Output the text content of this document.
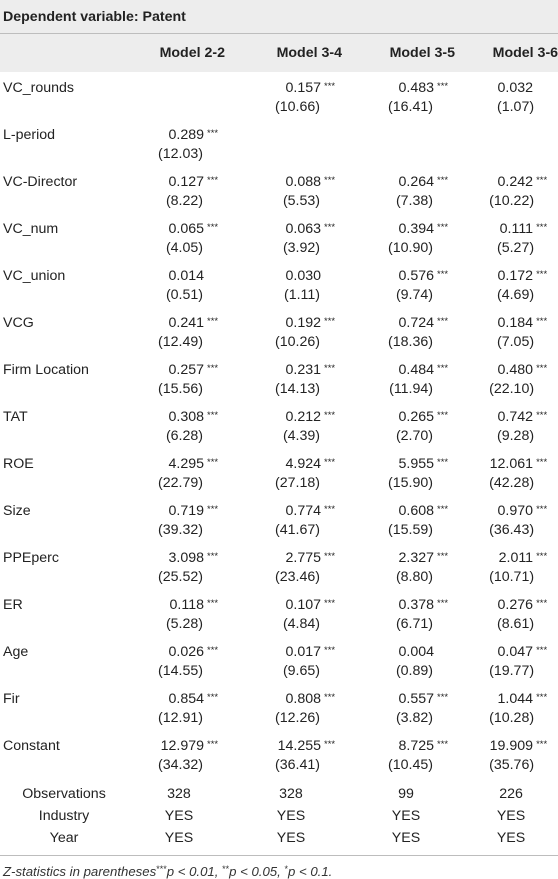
Dependent variable: Patent				
	Model 2-2	Model 3-4	Model 3-5	Model 3-6

VC_rounds		0.157 ***	0.483 ***	0.032
		(10.66)	(16.41)	(1.07)
L-period	0.289 ***			
	(12.03)			
VC-Director	0.127 ***	0.088 ***	0.264 ***	0.242 ***
	(8.22)	(5.53)	(7.38)	(10.22)
VC_num	0.065 ***	0.063 ***	0.394 ***	0.111 ***
	(4.05)	(3.92)	(10.90)	(5.27)
VC_union	0.014	0.030	0.576 ***	0.172 ***
	(0.51)	(1.11)	(9.74)	(4.69)
VCG	0.241 ***	0.192 ***	0.724 ***	0.184 ***
	(12.49)	(10.26)	(18.36)	(7.05)
Firm Location	0.257 ***	0.231 ***	0.484 ***	0.480 ***
	(15.56)	(14.13)	(11.94)	(22.10)
TAT	0.308 ***	0.212 ***	0.265 ***	0.742 ***
	(6.28)	(4.39)	(2.70)	(9.28)
ROE	4.295 ***	4.924 ***	5.955 ***	12.061 ***
	(22.79)	(27.18)	(15.90)	(42.28)
Size	0.719 ***	0.774 ***	0.608 ***	0.970 ***
	(39.32)	(41.67)	(15.59)	(36.43)
PPEperc	3.098 ***	2.775 ***	2.327 ***	2.011 ***
	(25.52)	(23.46)	(8.80)	(10.71)
ER	0.118 ***	0.107 ***	0.378 ***	0.276 ***
	(5.28)	(4.84)	(6.71)	(8.61)
Age	0.026 ***	0.017 ***	0.004	0.047 ***
	(14.55)	(9.65)	(0.89)	(19.77)
Fir	0.854 ***	0.808 ***	0.557 ***	1.044 ***
	(12.91)	(12.26)	(3.82)	(10.28)
Constant	12.979 ***	14.255 ***	8.725 ***	19.909 ***
	(34.32)	(36.41)	(10.45)	(35.76)
Observations	328	328	99	226
Industry	YES	YES	YES	YES
Year	YES	YES	YES	YES

Z-statistics in parentheses***p < 0.01, **p < 0.05, *p < 0.1.
